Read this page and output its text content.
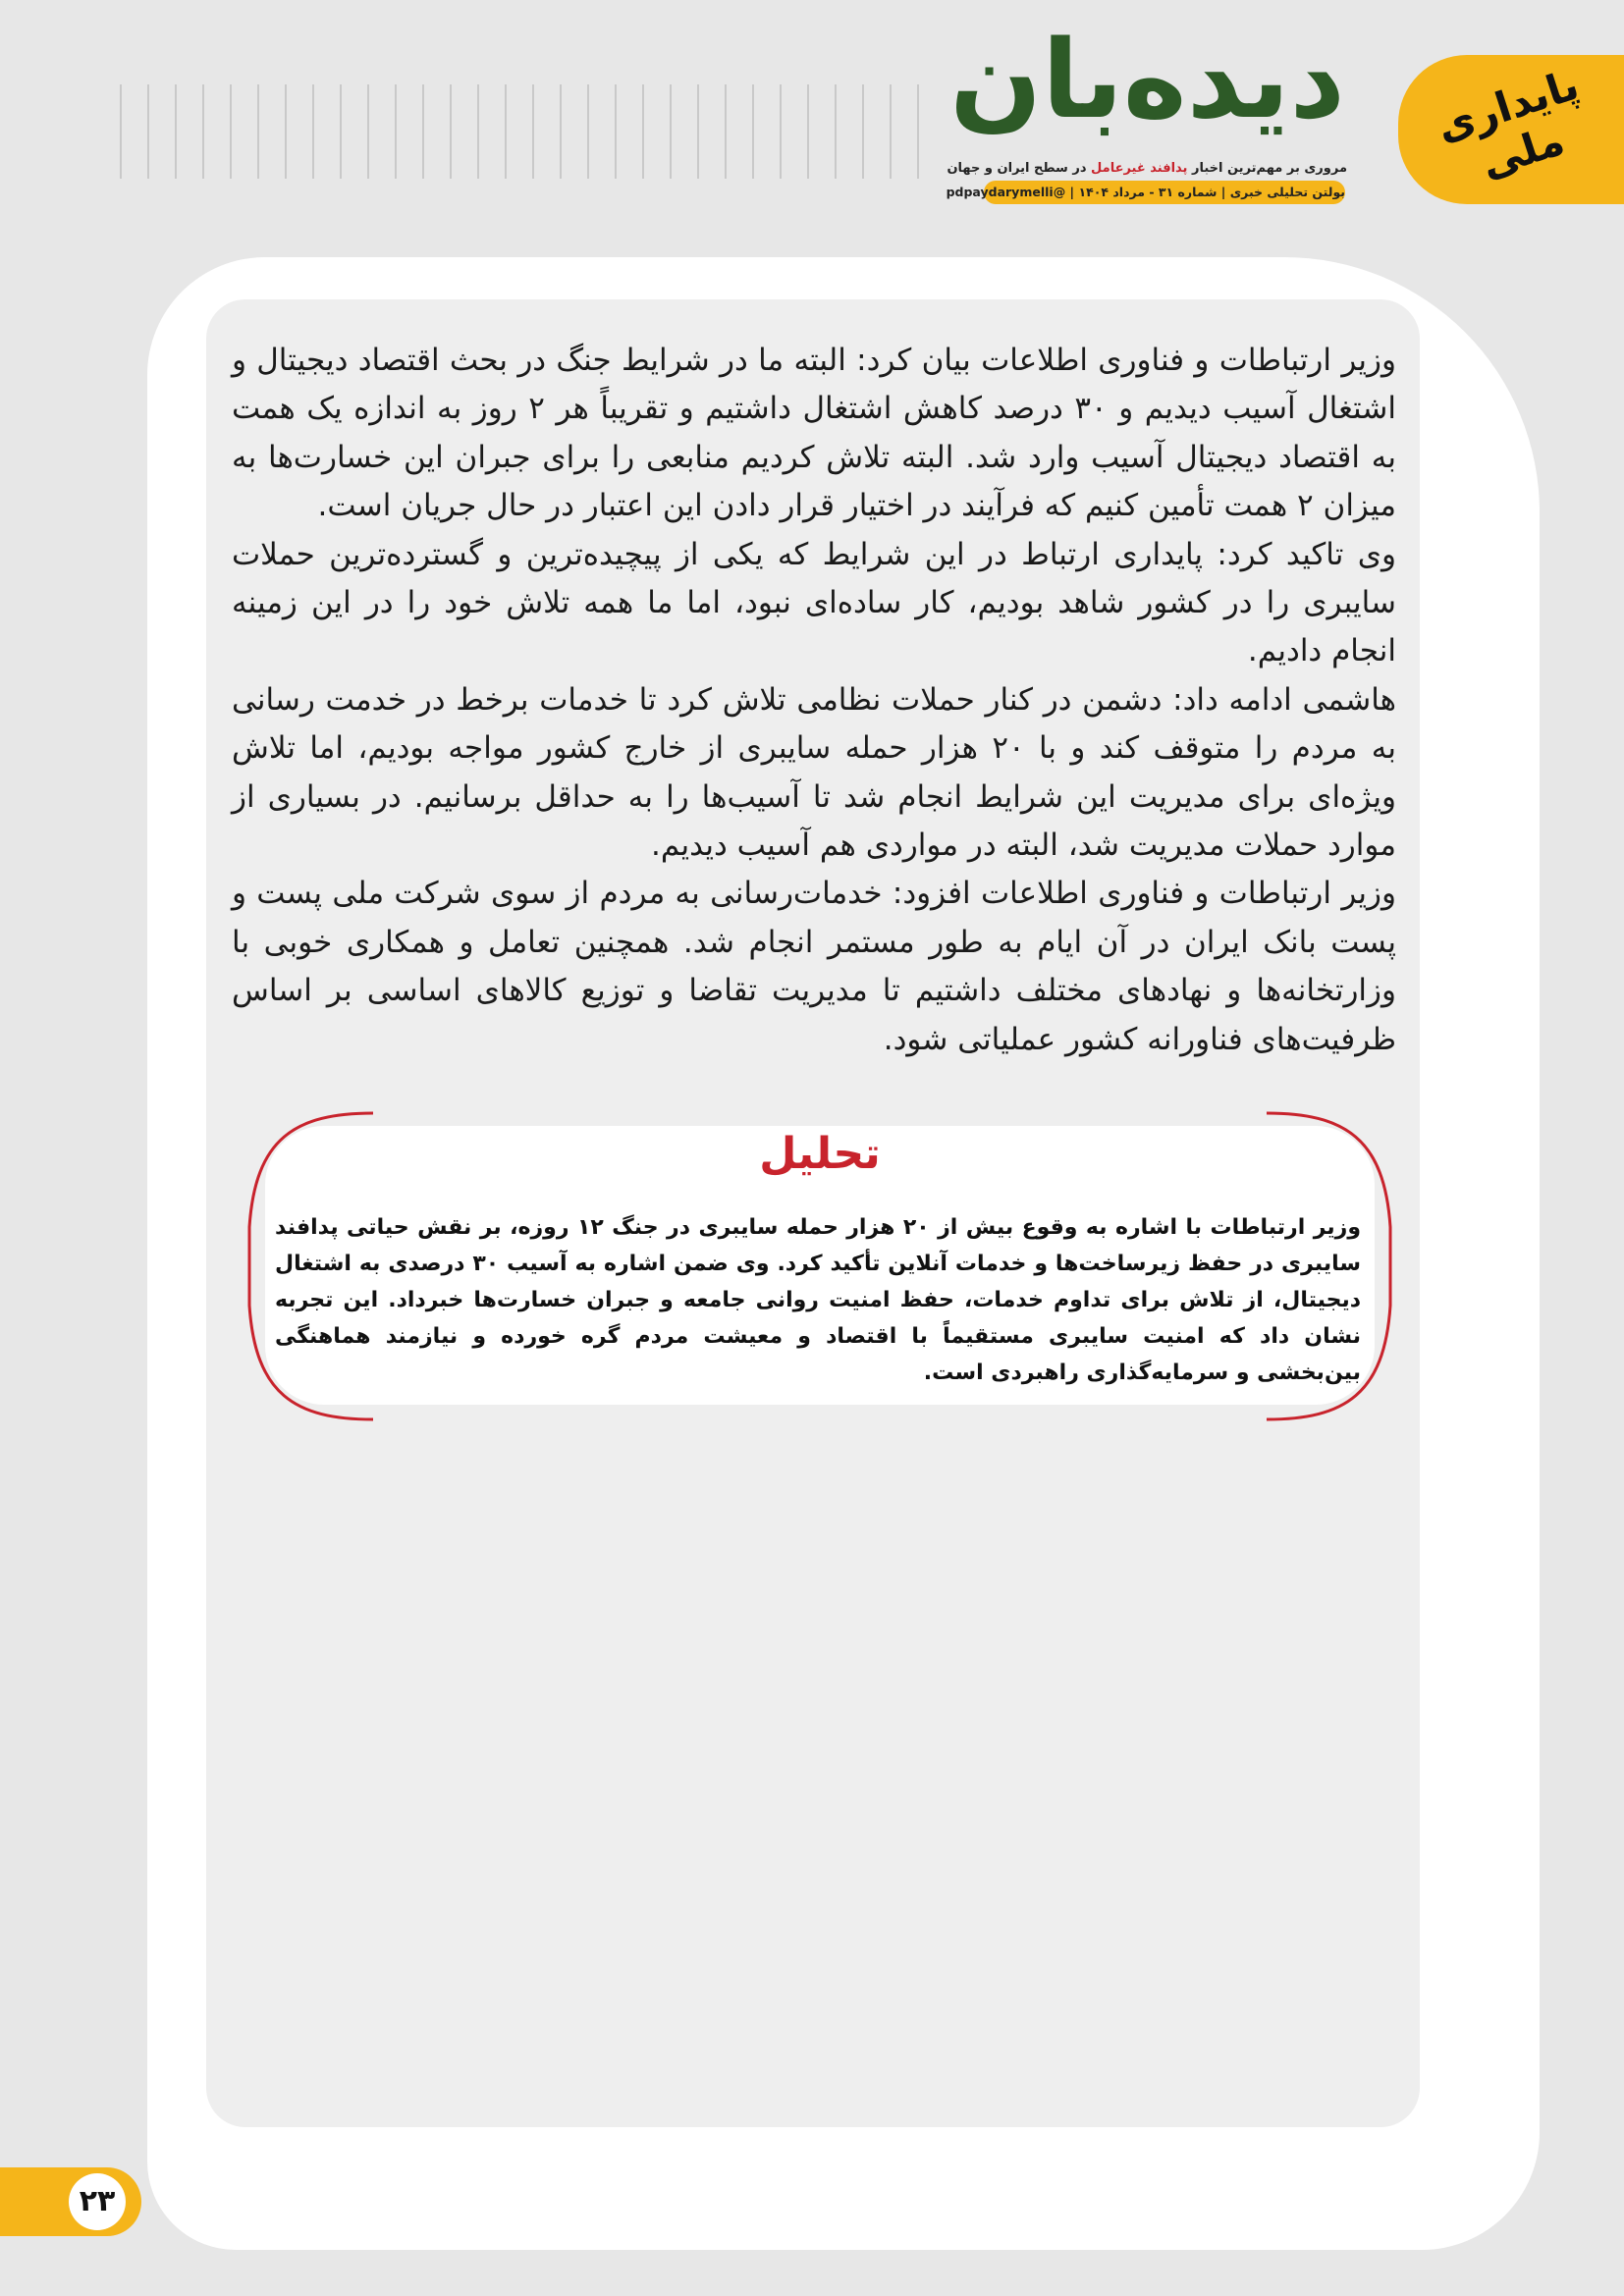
پایداری ملی
دیده‌بان
مروری بر مهم‌ترین اخبار پدافند غیرعامل در سطح ایران و جهان
بولتن تحلیلی خبری | شماره ۳۱ - مرداد ۱۴۰۴ | @pdpaydarymelli

وزیر ارتباطات و فناوری اطلاعات بیان کرد: البته ما در شرایط جنگ در بحث اقتصاد دیجیتال و اشتغال آسیب دیدیم و ۳۰ درصد کاهش اشتغال داشتیم و تقریباً هر ۲ روز به اندازه یک همت به اقتصاد دیجیتال آسیب وارد شد. البته تلاش کردیم منابعی را برای جبران این خسارت‌ها به میزان ۲ همت تأمین کنیم که فرآیند در اختیار قرار دادن این اعتبار در حال جریان است.

وی تاکید کرد: پایداری ارتباط در این شرایط که یکی از پیچیده‌ترین و گسترده‌ترین حملات سایبری را در کشور شاهد بودیم، کار ساده‌ای نبود، اما ما همه تلاش خود را در این زمینه انجام دادیم.

هاشمی ادامه داد: دشمن در کنار حملات نظامی تلاش کرد تا خدمات برخط در خدمت رسانی به مردم را متوقف کند و با ۲۰ هزار حمله سایبری از خارج کشور مواجه بودیم، اما تلاش ویژه‌ای برای مدیریت این شرایط انجام شد تا آسیب‌ها را به حداقل برسانیم. در بسیاری از موارد حملات مدیریت شد، البته در مواردی هم آسیب دیدیم.

وزیر ارتباطات و فناوری اطلاعات افزود: خدمات‌رسانی به مردم از سوی شرکت ملی پست و پست بانک ایران در آن ایام به طور مستمر انجام شد. همچنین تعامل و همکاری خوبی با وزارتخانه‌ها و نهادهای مختلف داشتیم تا مدیریت تقاضا و توزیع کالاهای اساسی بر اساس ظرفیت‌های فناورانه کشور عملیاتی شود.

تحلیل
وزیر ارتباطات با اشاره به وقوع بیش از ۲۰ هزار حمله سایبری در جنگ ۱۲ روزه، بر نقش حیاتی پدافند سایبری در حفظ زیرساخت‌ها و خدمات آنلاین تأکید کرد. وی ضمن اشاره به آسیب ۳۰ درصدی به اشتغال دیجیتال، از تلاش برای تداوم خدمات، حفظ امنیت روانی جامعه و جبران خسارت‌ها خبرداد. این تجربه نشان داد که امنیت سایبری مستقیماً با اقتصاد و معیشت مردم گره خورده و نیازمند هماهنگی بین‌بخشی و سرمایه‌گذاری راهبردی است.
۲۳
